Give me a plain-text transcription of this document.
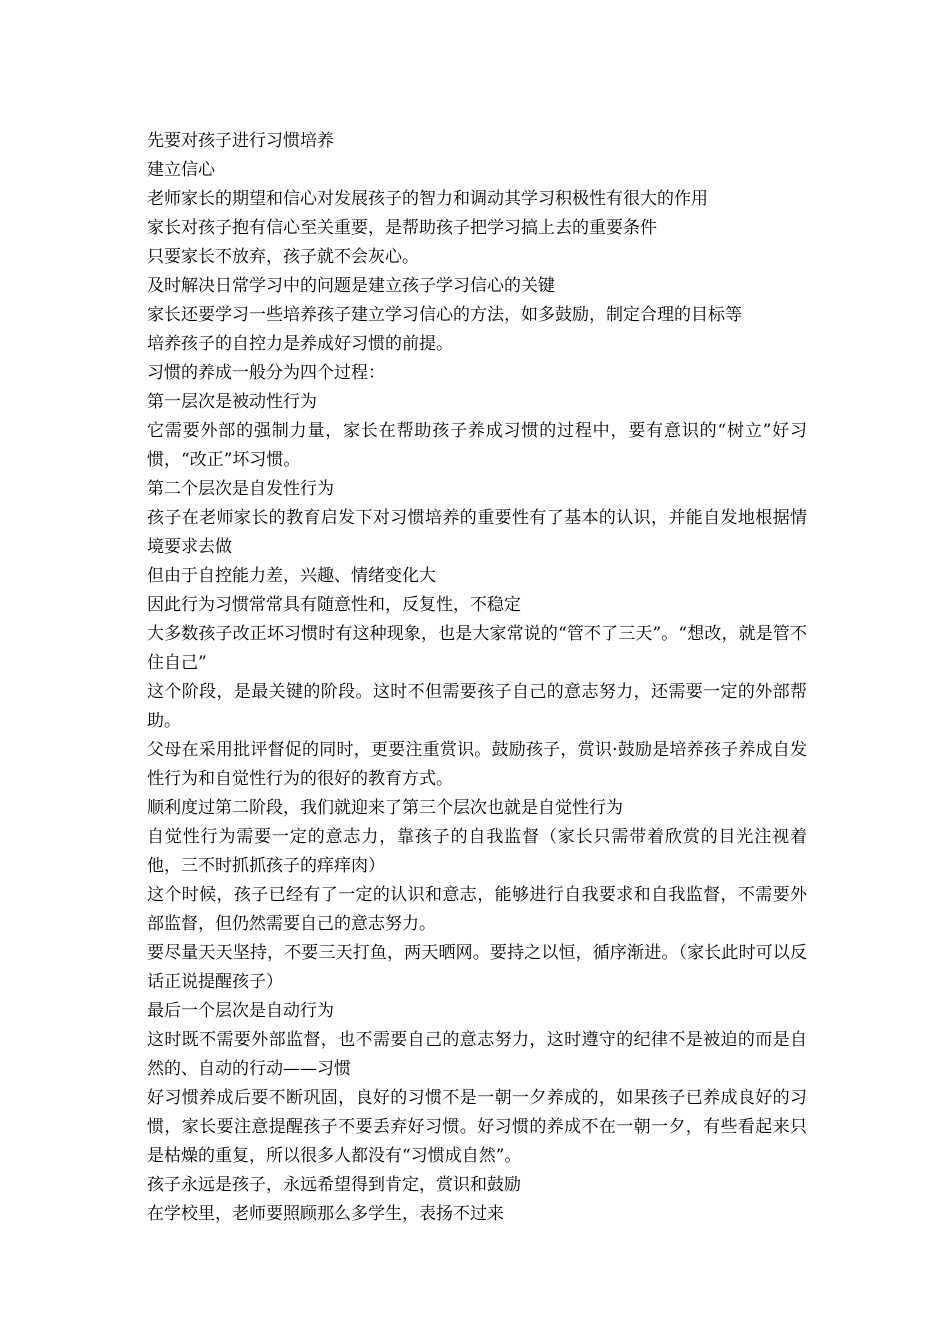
先要对孩子进行习惯培养

建立信心

老师家长的期望和信心对发展孩子的智力和调动其学习积极性有很大的作用

家长对孩子抱有信心至关重要，是帮助孩子把学习搞上去的重要条件

只要家长不放弃，孩子就不会灰心。

及时解决日常学习中的问题是建立孩子学习信心的关键

家长还要学习一些培养孩子建立学习信心的方法，如多鼓励，制定合理的目标等

培养孩子的自控力是养成好习惯的前提。

习惯的养成一般分为四个过程：

第一层次是被动性行为

它需要外部的强制力量，家长在帮助孩子养成习惯的过程中，要有意识的“树立”好习惯，“改正”坏习惯。

第二个层次是自发性行为

孩子在老师家长的教育启发下对习惯培养的重要性有了基本的认识，并能自发地根据情境要求去做

但由于自控能力差，兴趣、情绪变化大

因此行为习惯常常具有随意性和，反复性，不稳定

大多数孩子改正坏习惯时有这种现象，也是大家常说的“管不了三天”。“想改，就是管不住自己”

这个阶段，是最关键的阶段。这时不但需要孩子自己的意志努力，还需要一定的外部帮助。

父母在采用批评督促的同时，更要注重赏识。鼓励孩子，赏识·鼓励是培养孩子养成自发性行为和自觉性行为的很好的教育方式。

顺利度过第二阶段，我们就迎来了第三个层次也就是自觉性行为

自觉性行为需要一定的意志力，靠孩子的自我监督（家长只需带着欣赏的目光注视着他，三不时抓抓孩子的痒痒肉）

这个时候，孩子已经有了一定的认识和意志，能够进行自我要求和自我监督，不需要外部监督，但仍然需要自己的意志努力。

要尽量天天坚持，不要三天打鱼，两天晒网。要持之以恒，循序渐进。（家长此时可以反话正说提醒孩子）

最后一个层次是自动行为

这时既不需要外部监督，也不需要自己的意志努力，这时遵守的纪律不是被迫的而是自然的、自动的行动——习惯

好习惯养成后要不断巩固，良好的习惯不是一朝一夕养成的，如果孩子已养成良好的习惯，家长要注意提醒孩子不要丢弃好习惯。好习惯的养成不在一朝一夕，有些看起来只是枯燥的重复，所以很多人都没有“习惯成自然”。

孩子永远是孩子，永远希望得到肯定，赏识和鼓励

在学校里，老师要照顾那么多学生，表扬不过来
